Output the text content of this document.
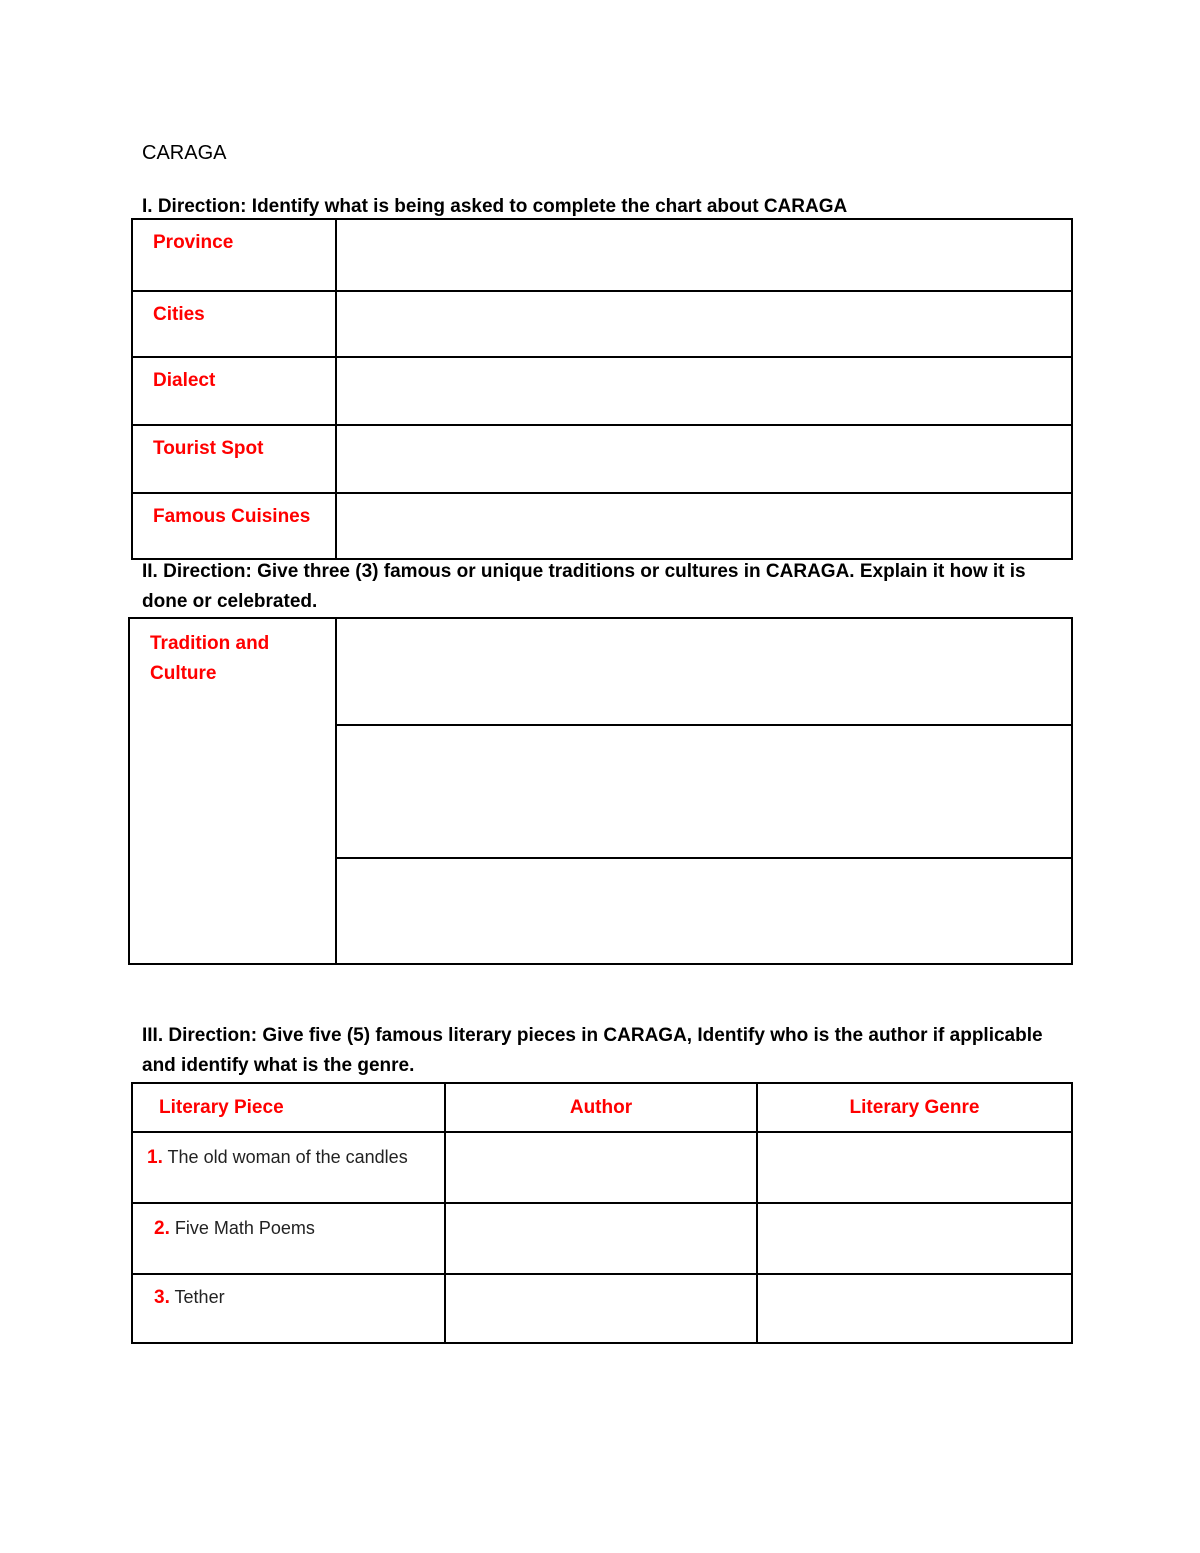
CARAGA
I. Direction: Identify what is being asked to complete the chart about CARAGA
Province	
Cities	
Dialect	
Tourist Spot	
Famous Cuisines	
II. Direction: Give three (3) famous or unique traditions or cultures in CARAGA. Explain it how it is done or celebrated.
Tradition and
Culture	

III. Direction: Give five (5) famous literary pieces in CARAGA, Identify who is the author if applicable and identify what is the genre.
Literary Piece	Author	Literary Genre

1. The old woman of the candles		
2. Five Math Poems		
3. Tether		
